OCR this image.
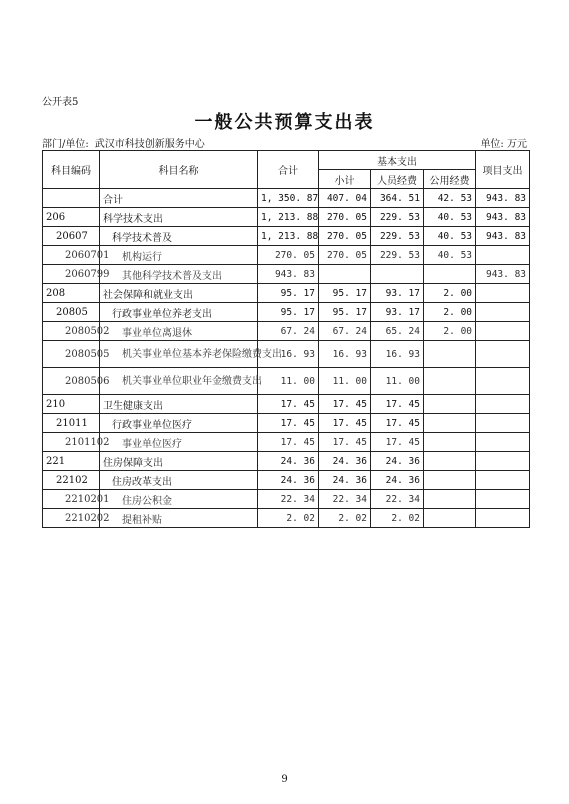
公开表5
一般公共预算支出表
部门/单位: 武汉市科技创新服务中心	单位: 万元
科目编码	科目名称	合计	基本支出			项目支出
			小计	人员经费	公用经费	
	合计	1, 350. 87	407. 04	364. 51	42. 53	943. 83
206	科学技术支出	1, 213. 88	270. 05	229. 53	40. 53	943. 83
20607	科学技术普及	1, 213. 88	270. 05	229. 53	40. 53	943. 83
2060701	机构运行	270. 05	270. 05	229. 53	40. 53	
2060799	其他科学技术普及支出	943. 83				943. 83
208	社会保障和就业支出	95. 17	95. 17	93. 17	2. 00	
20805	行政事业单位养老支出	95. 17	95. 17	93. 17	2. 00	
2080502	事业单位离退休	67. 24	67. 24	65. 24	2. 00	
2080505	机关事业单位基本养老保险缴费支出	16. 93	16. 93	16. 93		
2080506	机关事业单位职业年金缴费支出	11. 00	11. 00	11. 00		
210	卫生健康支出	17. 45	17. 45	17. 45		
21011	行政事业单位医疗	17. 45	17. 45	17. 45		
2101102	事业单位医疗	17. 45	17. 45	17. 45		
221	住房保障支出	24. 36	24. 36	24. 36		
22102	住房改革支出	24. 36	24. 36	24. 36		
2210201	住房公积金	22. 34	22. 34	22. 34		
2210202	提租补贴	2. 02	2. 02	2. 02		
9
